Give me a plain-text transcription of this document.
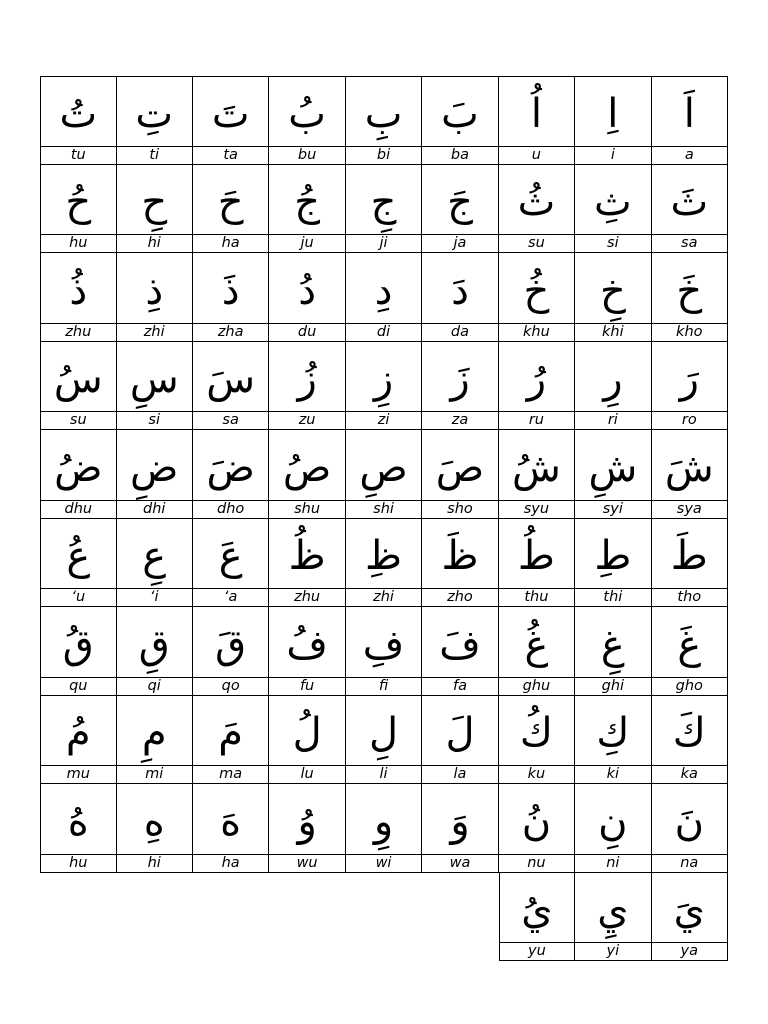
اَ
a
اِ
i
اُ
u
بَ
ba
بِ
bi
بُ
bu
تَ
ta
تِ
ti
تُ
tu
ثَ
sa
ثِ
si
ثُ
su
جَ
ja
جِ
ji
جُ
ju
حَ
ha
حِ
hi
حُ
hu
خَ
kho
خِ
khi
خُ
khu
دَ
da
دِ
di
دُ
du
ذَ
zha
ذِ
zhi
ذُ
zhu
رَ
ro
رِ
ri
رُ
ru
زَ
za
زِ
zi
زُ
zu
سَ
sa
سِ
si
سُ
su
شَ
sya
شِ
syi
شُ
syu
صَ
sho
صِ
shi
صُ
shu
ضَ
dho
ضِ
dhi
ضُ
dhu
طَ
tho
طِ
thi
طُ
thu
ظَ
zho
ظِ
zhi
ظُ
zhu
عَ
‘a
عِ
‘i
عُ
‘u
غَ
gho
غِ
ghi
غُ
ghu
فَ
fa
فِ
fi
فُ
fu
قَ
qo
قِ
qi
قُ
qu
كَ
ka
كِ
ki
كُ
ku
لَ
la
لِ
li
لُ
lu
مَ
ma
مِ
mi
مُ
mu
نَ
na
نِ
ni
نُ
nu
وَ
wa
وِ
wi
وُ
wu
هَ
ha
هِ
hi
هُ
hu
يَ
ya
يِ
yi
يُ
yu
